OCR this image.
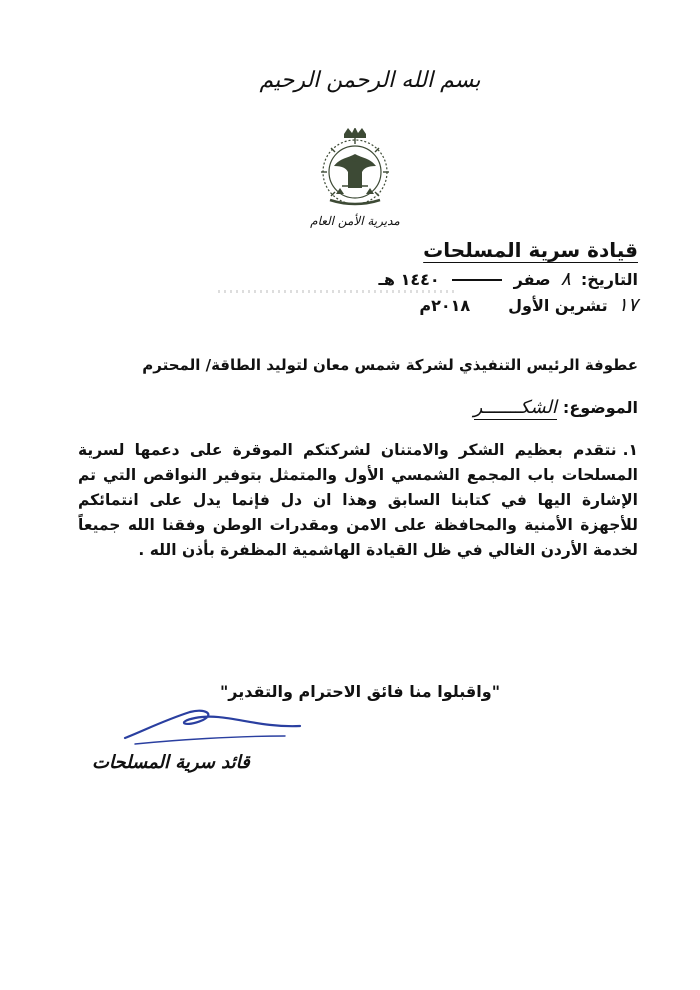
بسم الله الرحمن الرحيم
مديرية الأمن العام
قيادة سرية المسلحات
التاريخ:
٨
صفر
١٤٤٠ هـ
١٧
تشرين الأول
٢٠١٨م
عطوفة الرئيس التنفيذي لشركة شمس معان لتوليد الطاقة/ المحترم
الموضوع:
الشكـــــــر
١.نتقدم بعظيم الشكر والامتنان لشركتكم الموقرة على دعمها لسرية المسلحات باب المجمع الشمسي الأول والمتمثل بتوفير النواقص التي تم الإشارة اليها في كتابنا السابق وهذا ان دل فإنما يدل على انتمائكم للأجهزة الأمنية والمحافظة على الامن ومقدرات الوطن وفقنا الله جميعاً لخدمة الأردن الغالي في ظل القيادة الهاشمية المظفرة بأذن الله .
"واقبلوا منا فائق الاحترام والتقدير"
قائد سرية المسلحات
